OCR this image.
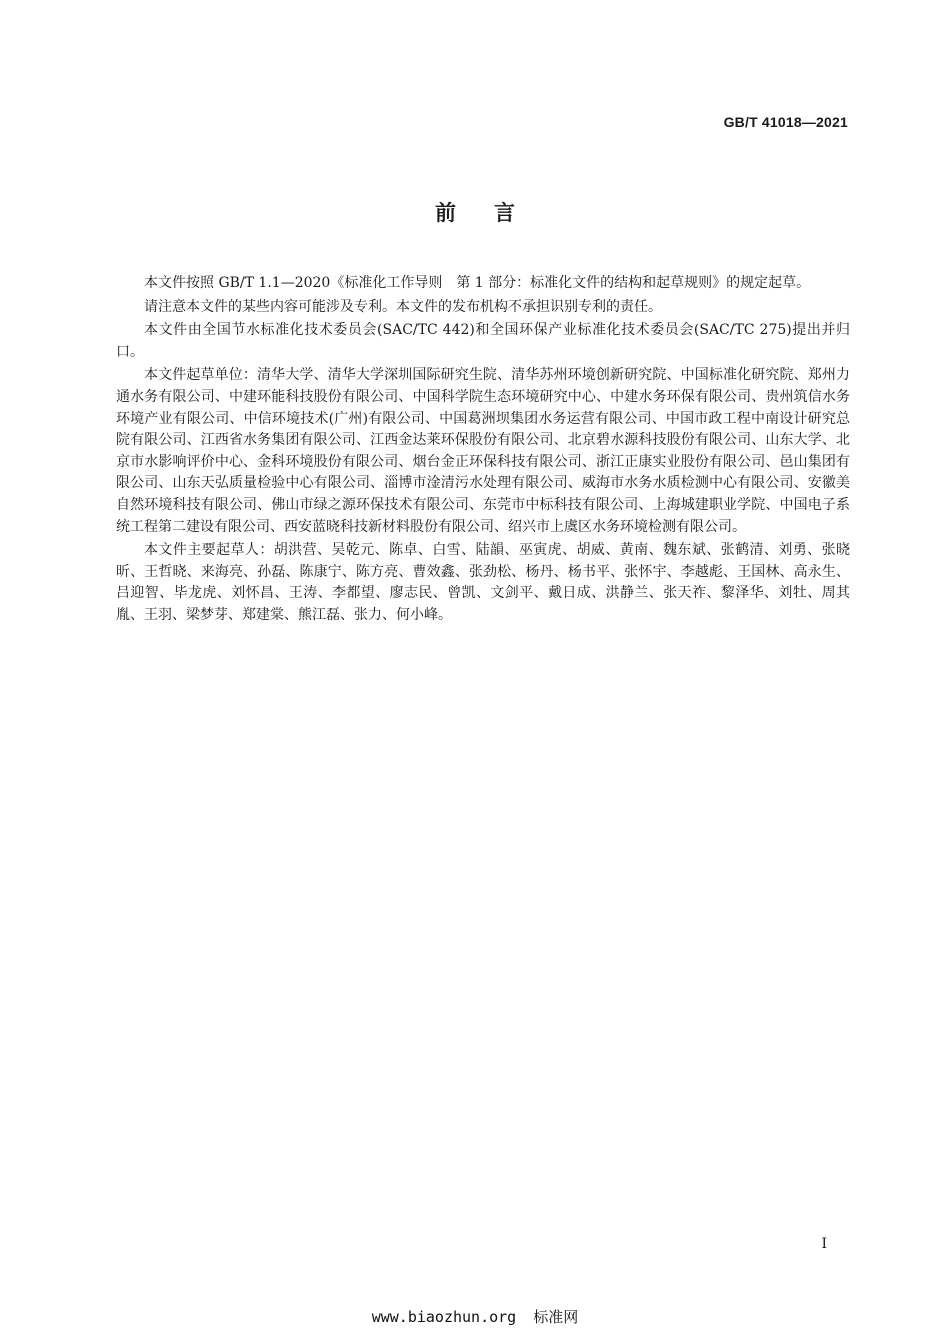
GB/T 41018—2021
前言

本文件按照 GB/T 1.1—2020《标准化工作导则　第 1 部分：标准化文件的结构和起草规则》的规定起草。

请注意本文件的某些内容可能涉及专利。本文件的发布机构不承担识别专利的责任。

本文件由全国节水标准化技术委员会(SAC/TC 442)和全国环保产业标准化技术委员会(SAC/TC 275)提出并归口。

本文件起草单位：清华大学、清华大学深圳国际研究生院、清华苏州环境创新研究院、中国标准化研究院、郑州力通水务有限公司、中建环能科技股份有限公司、中国科学院生态环境研究中心、中建水务环保有限公司、贵州筑信水务环境产业有限公司、中信环境技术(广州)有限公司、中国葛洲坝集团水务运营有限公司、中国市政工程中南设计研究总院有限公司、江西省水务集团有限公司、江西金达莱环保股份有限公司、北京碧水源科技股份有限公司、山东大学、北京市水影响评价中心、金科环境股份有限公司、烟台金正环保科技有限公司、浙江正康实业股份有限公司、邑山集团有限公司、山东天弘质量检验中心有限公司、淄博市淦清污水处理有限公司、威海市水务水质检测中心有限公司、安徽美自然环境科技有限公司、佛山市绿之源环保技术有限公司、东莞市中标科技有限公司、上海城建职业学院、中国电子系统工程第二建设有限公司、西安蓝晓科技新材料股份有限公司、绍兴市上虞区水务环境检测有限公司。

本文件主要起草人：胡洪营、吴乾元、陈卓、白雪、陆韻、巫寅虎、胡威、黄南、魏东斌、张鹤清、刘勇、张晓昕、王哲晓、来海亮、孙磊、陈康宁、陈方亮、曹效鑫、张劲松、杨丹、杨书平、张怀宇、李越彪、王国林、高永生、吕迎智、毕龙虎、刘怀昌、王涛、李都望、廖志民、曾凯、文剑平、戴日成、洪静兰、张天祚、黎泽华、刘牡、周其胤、王羽、梁梦芽、郑建棠、熊江磊、张力、何小峰。

I
www.biaozhun.org 标准网
